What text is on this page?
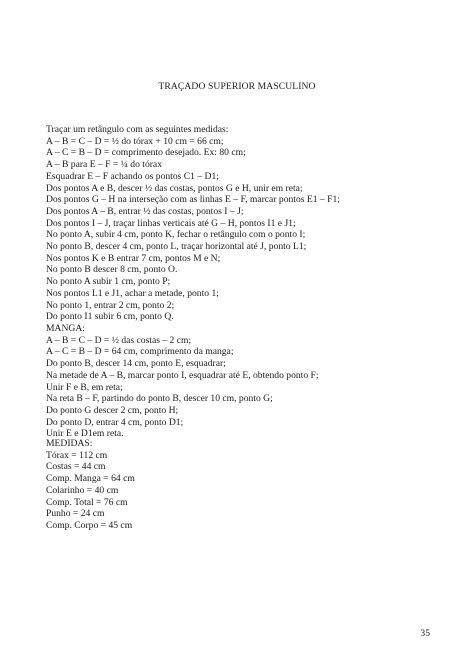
TRAÇADO SUPERIOR MASCULINO
Traçar um retângulo com as seguintes medidas:
A – B = C – D = ½ do tórax + 10 cm = 66 cm;
A – C = B – D = comprimento desejado. Ex: 80 cm;
A – B para E – F = ¼ do tórax
Esquadrar E – F achando os pontos C1 – D1;
Dos pontos A e B, descer ½ das costas, pontos G e H, unir em reta;
Dos pontos G – H na interseção com as linhas E – F, marcar pontos E1 – F1;
Dos pontos A – B, entrar ½ das costas, pontos I – J;
Dos pontos I – J, traçar linhas verticais até G – H, pontos I1 e J1;
No ponto A, subir 4 cm, ponto K, fechar o retângulo com o ponto I;
No ponto B, descer 4 cm, ponto L, traçar horizontal até J, ponto L1;
Nos pontos K e B entrar 7 cm, pontos M e N;
No ponto B descer 8 cm, ponto O.
No ponto A subir 1 cm, ponto P;
Nos pontos L1 e J1, achar a metade, ponto 1;
No ponto 1, entrar 2 cm, ponto 2;
Do ponto I1 subir 6 cm, ponto Q.
MANGA:
A – B = C – D = ½ das costas – 2 cm;
A – C = B – D = 64 cm, comprimento da manga;
Do ponto B, descer 14 cm, ponto E, esquadrar;
Na metade de A – B, marcar ponto I, esquadrar até E, obtendo ponto F;
Unir F e B, em reta;
Na reta B – F, partindo do ponto B, descer 10 cm, ponto G;
Do ponto G descer 2 cm, ponto H;
Do ponto D, entrar 4 cm, ponto D1;
Unir E e D1em reta.
MEDIDAS:
Tórax = 112 cm
Costas = 44 cm
Comp. Manga = 64 cm
Colarinho = 40 cm
Comp. Total = 76 cm
Punho = 24 cm
Comp. Corpo = 45 cm
35
